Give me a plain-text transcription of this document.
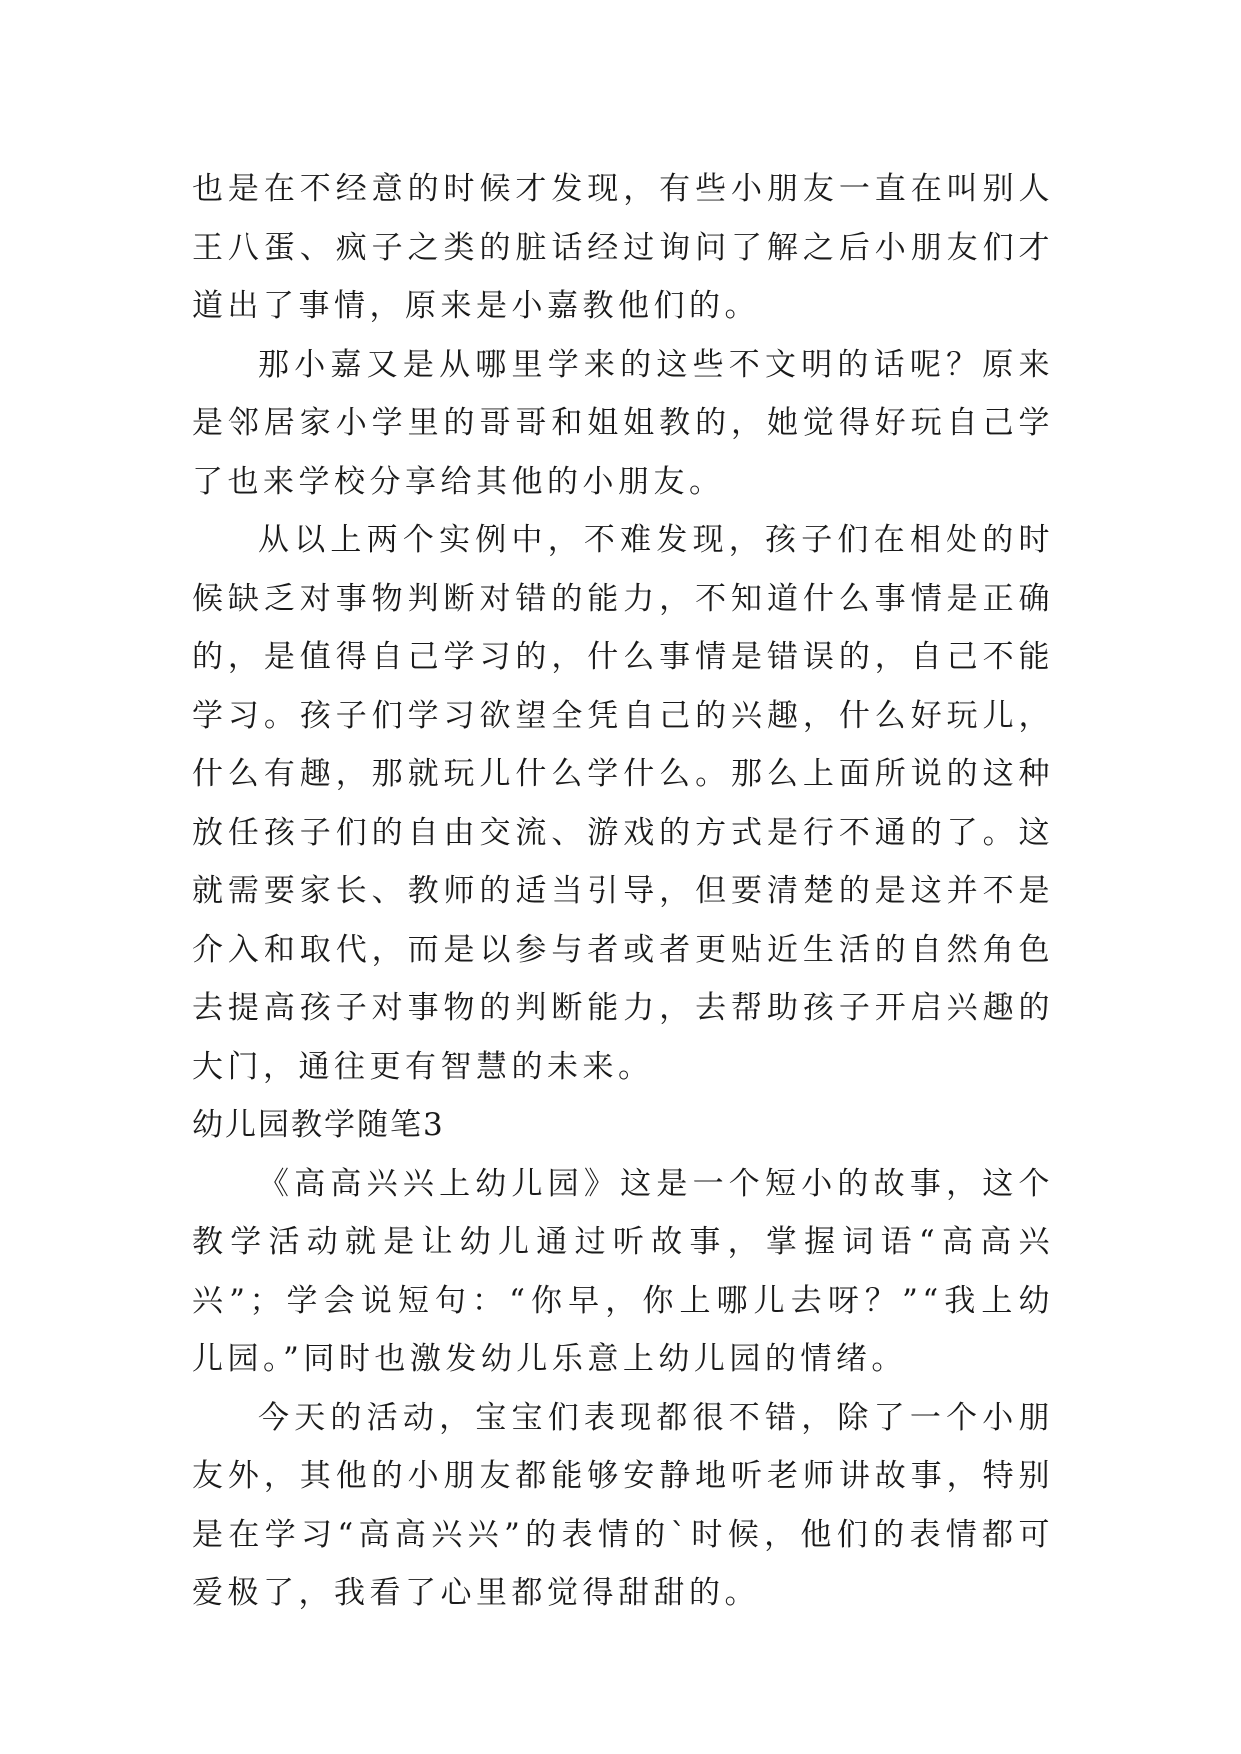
也是在不经意的时候才发现，有些小朋友一直在叫别人王八蛋、疯子之类的脏话经过询问了解之后小朋友们才道出了事情，原来是小嘉教他们的。

那小嘉又是从哪里学来的这些不文明的话呢？原来是邻居家小学里的哥哥和姐姐教的，她觉得好玩自己学了也来学校分享给其他的小朋友。

从以上两个实例中，不难发现，孩子们在相处的时候缺乏对事物判断对错的能力，不知道什么事情是正确的，是值得自己学习的，什么事情是错误的，自己不能学习。孩子们学习欲望全凭自己的兴趣，什么好玩儿，什么有趣，那就玩儿什么学什么。那么上面所说的这种放任孩子们的自由交流、游戏的方式是行不通的了。这就需要家长、教师的适当引导，但要清楚的是这并不是介入和取代，而是以参与者或者更贴近生活的自然角色去提高孩子对事物的判断能力，去帮助孩子开启兴趣的大门，通往更有智慧的未来。

幼儿园教学随笔3

《高高兴兴上幼儿园》这是一个短小的故事，这个教学活动就是让幼儿通过听故事，掌握词语“高高兴兴”；学会说短句：“你早，你上哪儿去呀？”“我上幼儿园。”同时也激发幼儿乐意上幼儿园的情绪。

今天的活动，宝宝们表现都很不错，除了一个小朋友外，其他的小朋友都能够安静地听老师讲故事，特别是在学习“高高兴兴”的表情的`时候，他们的表情都可爱极了，我看了心里都觉得甜甜的。
